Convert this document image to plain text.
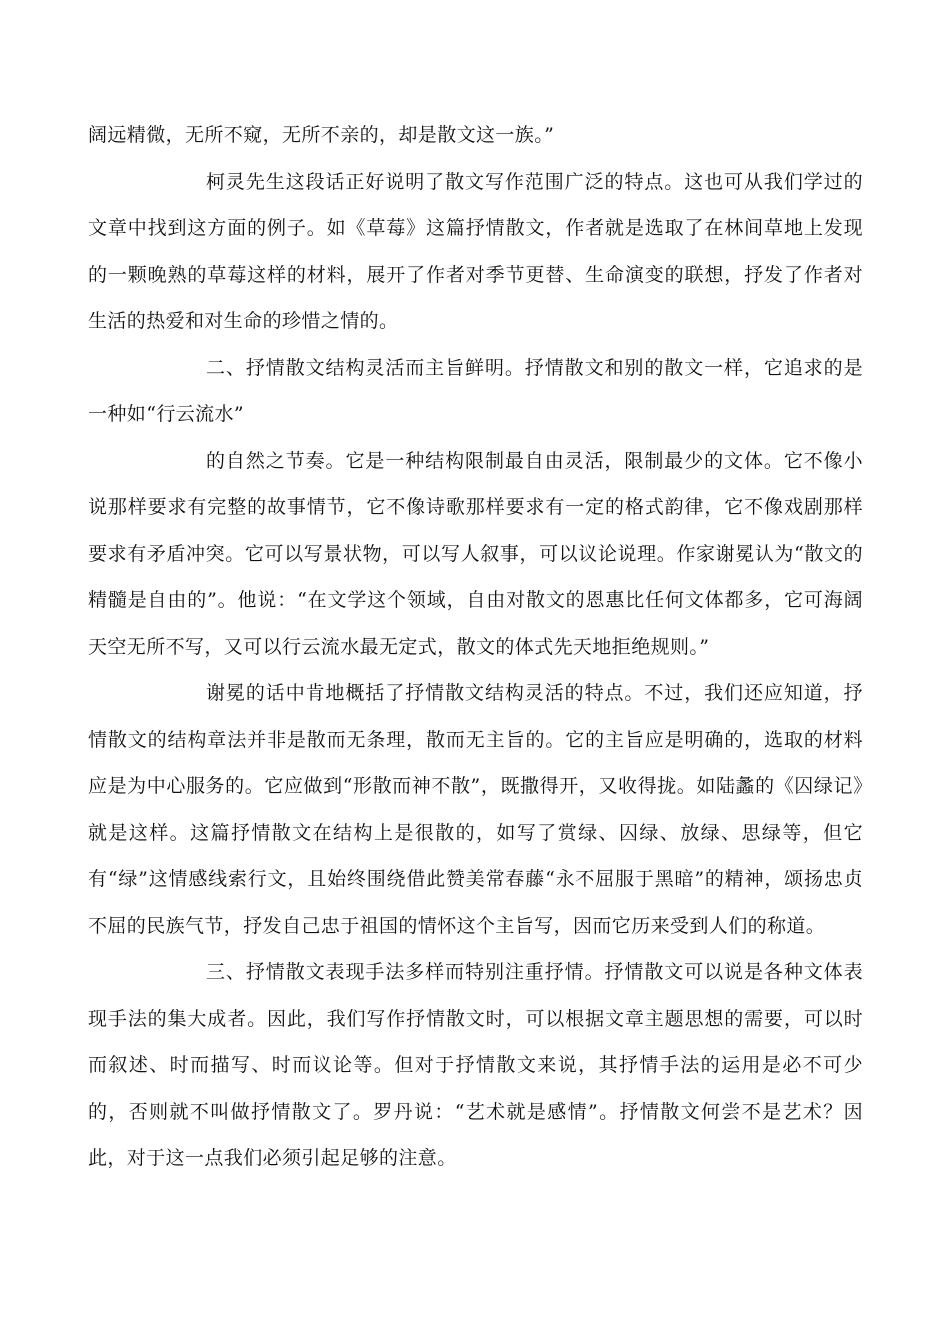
阔远精微，无所不窥，无所不亲的，却是散文这一族。”

柯灵先生这段话正好说明了散文写作范围广泛的特点。这也可从我们学过的文章中找到这方面的例子。如《草莓》这篇抒情散文，作者就是选取了在林间草地上发现的一颗晚熟的草莓这样的材料，展开了作者对季节更替、生命演变的联想，抒发了作者对生活的热爱和对生命的珍惜之情的。

二、抒情散文结构灵活而主旨鲜明。抒情散文和别的散文一样，它追求的是一种如“行云流水”

的自然之节奏。它是一种结构限制最自由灵活，限制最少的文体。它不像小说那样要求有完整的故事情节，它不像诗歌那样要求有一定的格式韵律，它不像戏剧那样要求有矛盾冲突。它可以写景状物，可以写人叙事，可以议论说理。作家谢冕认为“散文的精髓是自由的”。他说：“在文学这个领域，自由对散文的恩惠比任何文体都多，它可海阔天空无所不写，又可以行云流水最无定式，散文的体式先天地拒绝规则。”

谢冕的话中肯地概括了抒情散文结构灵活的特点。不过，我们还应知道，抒情散文的结构章法并非是散而无条理，散而无主旨的。它的主旨应是明确的，选取的材料应是为中心服务的。它应做到“形散而神不散”，既撒得开，又收得拢。如陆蠡的《囚绿记》就是这样。这篇抒情散文在结构上是很散的，如写了赏绿、囚绿、放绿、思绿等，但它有“绿”这情感线索行文，且始终围绕借此赞美常春藤“永不屈服于黑暗”的精神，颂扬忠贞不屈的民族气节，抒发自己忠于祖国的情怀这个主旨写，因而它历来受到人们的称道。

三、抒情散文表现手法多样而特别注重抒情。抒情散文可以说是各种文体表现手法的集大成者。因此，我们写作抒情散文时，可以根据文章主题思想的需要，可以时而叙述、时而描写、时而议论等。但对于抒情散文来说，其抒情手法的运用是必不可少的，否则就不叫做抒情散文了。罗丹说：“艺术就是感情”。抒情散文何尝不是艺术？因此，对于这一点我们必须引起足够的注意。
